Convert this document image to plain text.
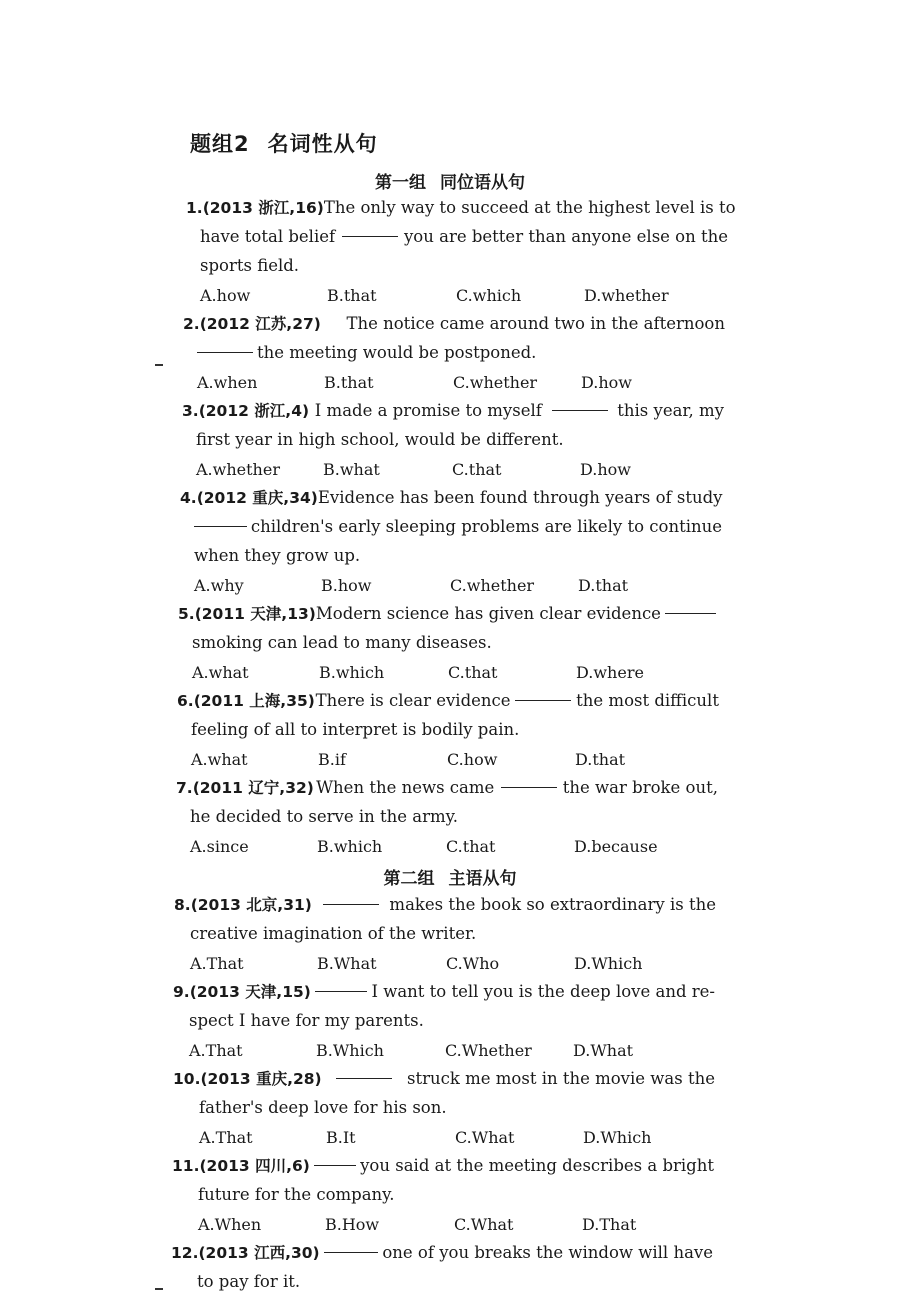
题组2 名词性从句
第一组 同位语从句
1.(2013 浙江,16) The only way to succeed at the highest level is to
have total belief	you are better than anyone else on the
sports field.
A.how	B.that	C.which	D.whether
2.(2012 江苏,27) The notice came around two in the afternoon
the meeting would be postponed.
A.when	B.that	C.whether	D.how
3.(2012 浙江,4) I made a promise to myself	this year, my
first year in high school, would be different.
A.whether	B.what	C.that	D.how
4.(2012 重庆,34) Evidence has been found through years of study
children's early sleeping problems are likely to continue
when they grow up.
A.why	B.how	C.whether	D.that
5.(2011 天津,13) Modern science has given clear evidence
smoking can lead to many diseases.
A.what	B.which	C.that	D.where
6.(2011 上海,35) There is clear evidence	the most difficult
feeling of all to interpret is bodily pain.
A.what	B.if	C.how	D.that
7.(2011 辽宁,32) When the news came	the war broke out,
he decided to serve in the army.
A.since	B.which	C.that	D.because
第二组 主语从句
8.(2013 北京,31)	makes the book so extraordinary is the
creative imagination of the writer.
A.That	B.What	C.Who	D.Which
9.(2013 天津,15)	I want to tell you is the deep love and re-
spect I have for my parents.
A.That	B.Which	C.Whether	D.What
10.(2013 重庆,28)	struck me most in the movie was the
father's deep love for his son.
A.That	B.It	C.What	D.Which
11.(2013 四川,6)	you said at the meeting describes a bright
future for the company.
A.When	B.How	C.What	D.That
12.(2013 江西,30)	one of you breaks the window will have
to pay for it.
